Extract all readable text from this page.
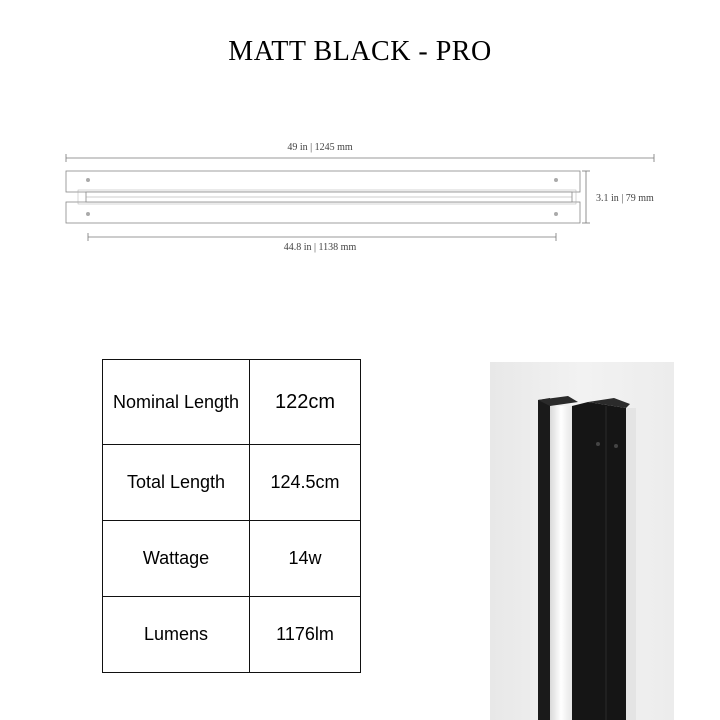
MATT BLACK - PRO
49 in | 1245 mm
3.1 in | 79 mm
44.8 in | 1138 mm
Nominal Length	122cm
Total Length	124.5cm
Wattage	14w
Lumens	1176lm
